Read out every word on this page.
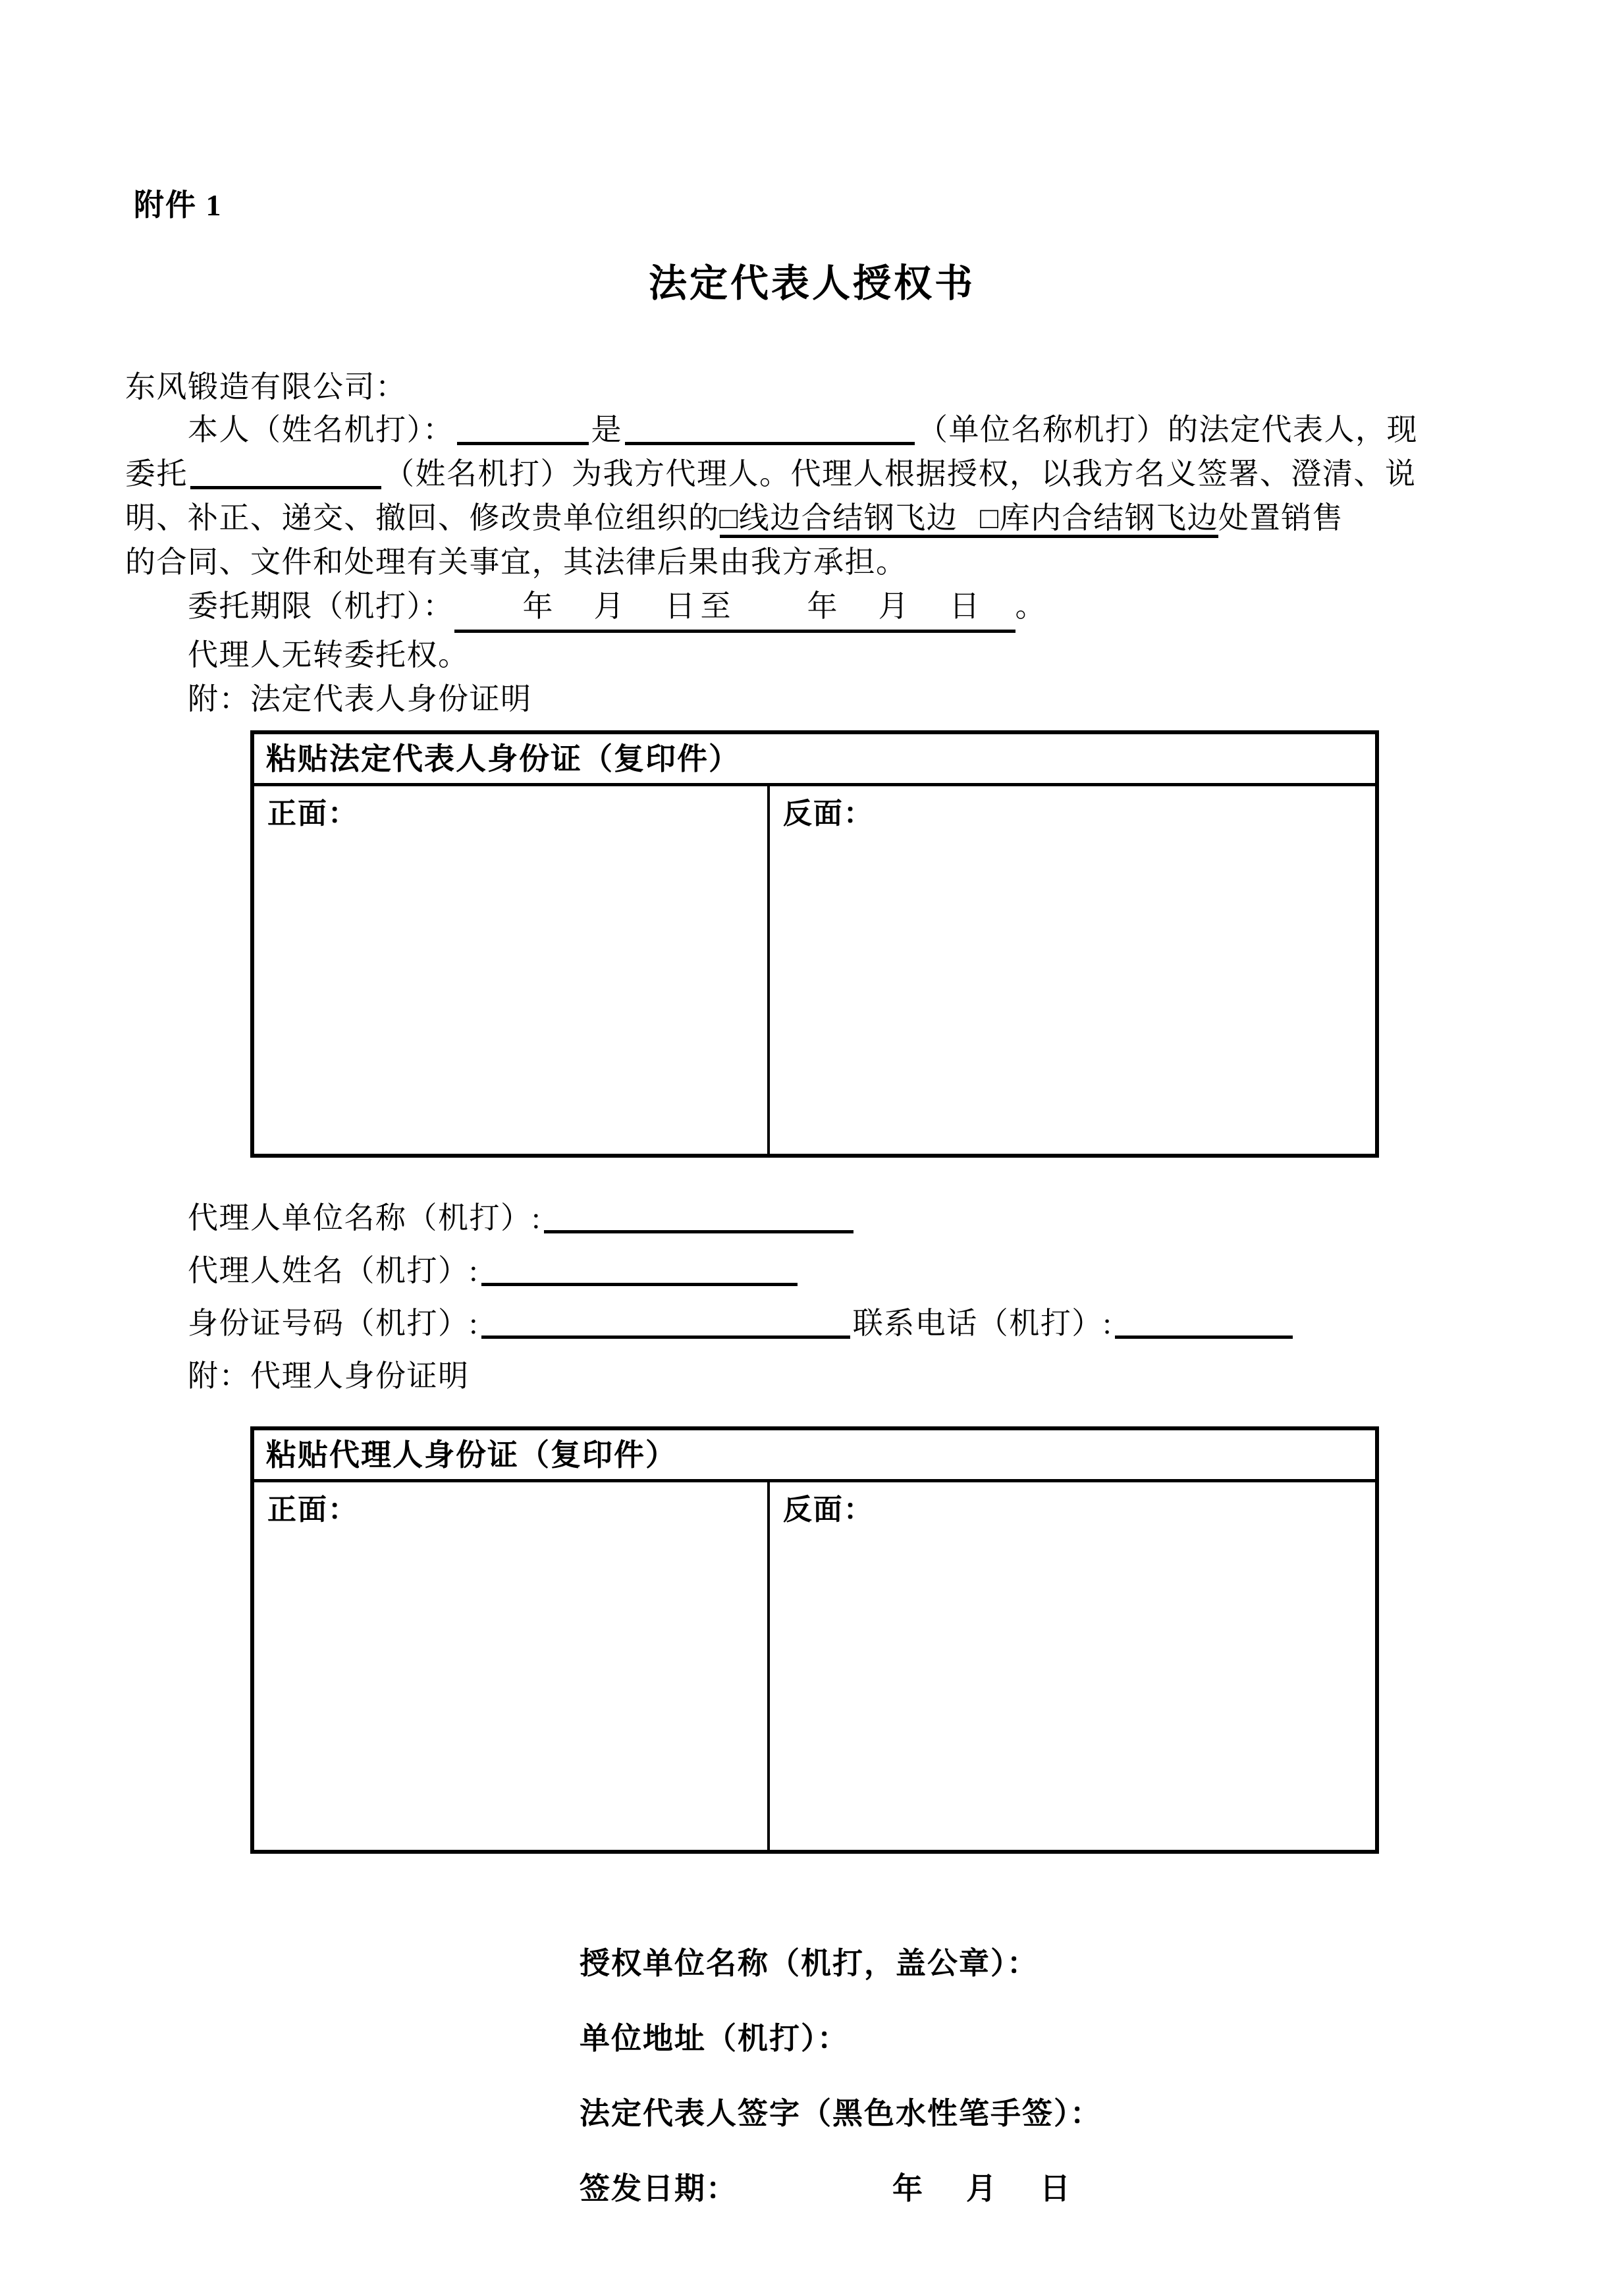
附件 1
法定代表人授权书
东风锻造有限公司：
本人（姓名机打）：	是	（单位名称机打）的法定代表人，现
委托	（姓名机打）为我方代理人。代理人根据授权，以我方名义签署、澄清、说
明、补正、递交、撤回、修改贵单位组织的□线边合结钢飞边 □库内合结钢飞边处置销售
的合同、文件和处理有关事宜，其法律后果由我方承担。
委托期限（机打）： 年　月　日至　　年　月　日 。
代理人无转委托权。
附：法定代表人身份证明
粘贴法定代表人身份证（复印件）
正面：	反面：
代理人单位名称（机打）:
代理人姓名（机打）:
身份证号码（机打）:	联系电话（机打）:
附：代理人身份证明
粘贴代理人身份证（复印件）
正面：	反面：
授权单位名称（机打，盖公章）：
单位地址（机打）：
法定代表人签字（黑色水性笔手签）：
签发日期：	年　月　日
